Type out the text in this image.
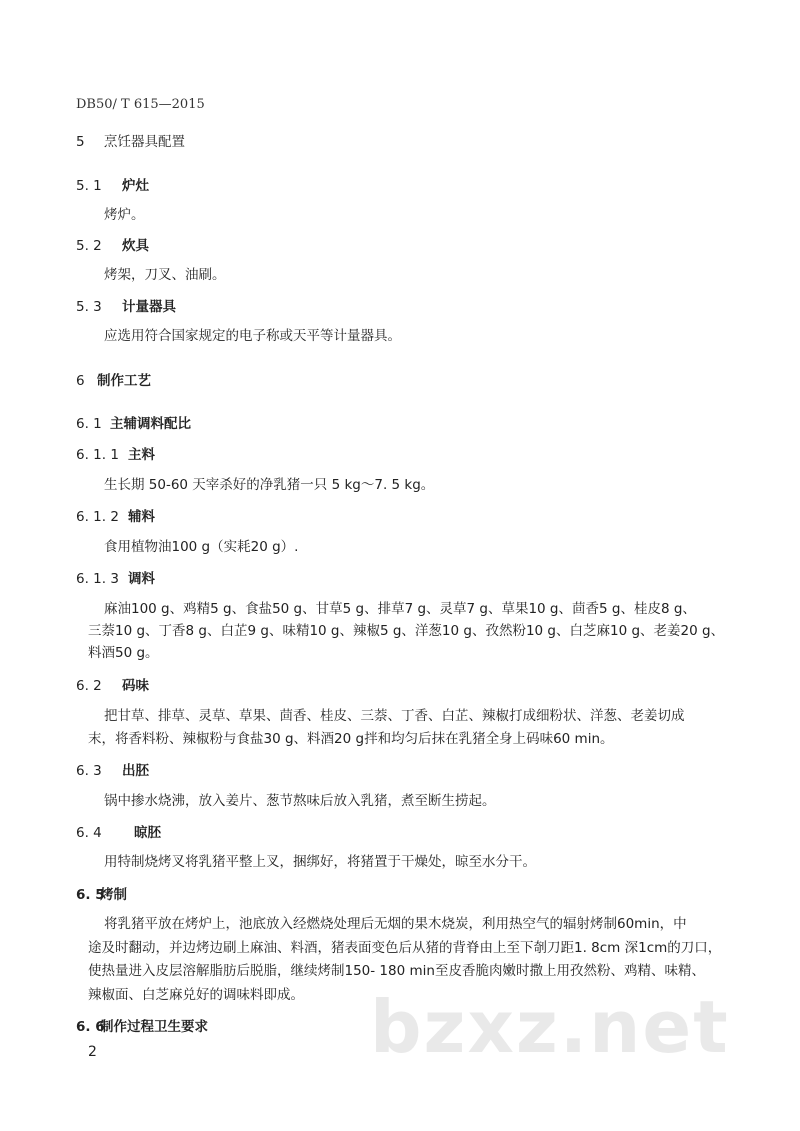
DB50/ T 615—2015
5 烹饪器具配置
5. 1 炉灶
烤炉。
5. 2 炊具
烤架，刀叉、油刷。
5. 3 计量器具
应选用符合国家规定的电子称或天平等计量器具。
6 制作工艺
6. 1 主辅调料配比
6. 1. 1 主料
生长期 50-60 天宰杀好的净乳猪一只 5 kg～7. 5 kg。
6. 1. 2 辅料
食用植物油100 g（实耗20 g）.
6. 1. 3 调料
麻油100 g、鸡精5 g、食盐50 g、甘草5 g、排草7 g、灵草7 g、草果10 g、茴香5 g、桂皮8 g、
三萘10 g、丁香8 g、白芷9 g、味精10 g、辣椒5 g、洋葱10 g、孜然粉10 g、白芝麻10 g、老姜20 g、
料酒50 g。
6. 2 码味
把甘草、排草、灵草、草果、茴香、桂皮、三萘、丁香、白芷、辣椒打成细粉状、洋葱、老姜切成
末，将香料粉、辣椒粉与食盐30 g、料酒20 g拌和均匀后抹在乳猪全身上码味60 min。
6. 3 出胚
锅中掺水烧沸，放入姜片、葱节熬味后放入乳猪，煮至断生捞起。
6. 4 晾胚
用特制烧烤叉将乳猪平整上叉，捆绑好，将猪置于干燥处，晾至水分干。
6. 5
烤制
将乳猪平放在烤炉上，池底放入经燃烧处理后无烟的果木烧炭，利用热空气的辐射烤制60min，中
途及时翻动，并边烤边刷上麻油、料酒，猪表面变色后从猪的背脊由上至下剞刀距1. 8cm 深1cm的刀口，
使热量进入皮层溶解脂肪后脱脂，继续烤制150- 180 min至皮香脆肉嫩时撒上用孜然粉、鸡精、味精、
辣椒面、白芝麻兑好的调味料即成。
6. 6
制作过程卫生要求 bzxz.net
2
